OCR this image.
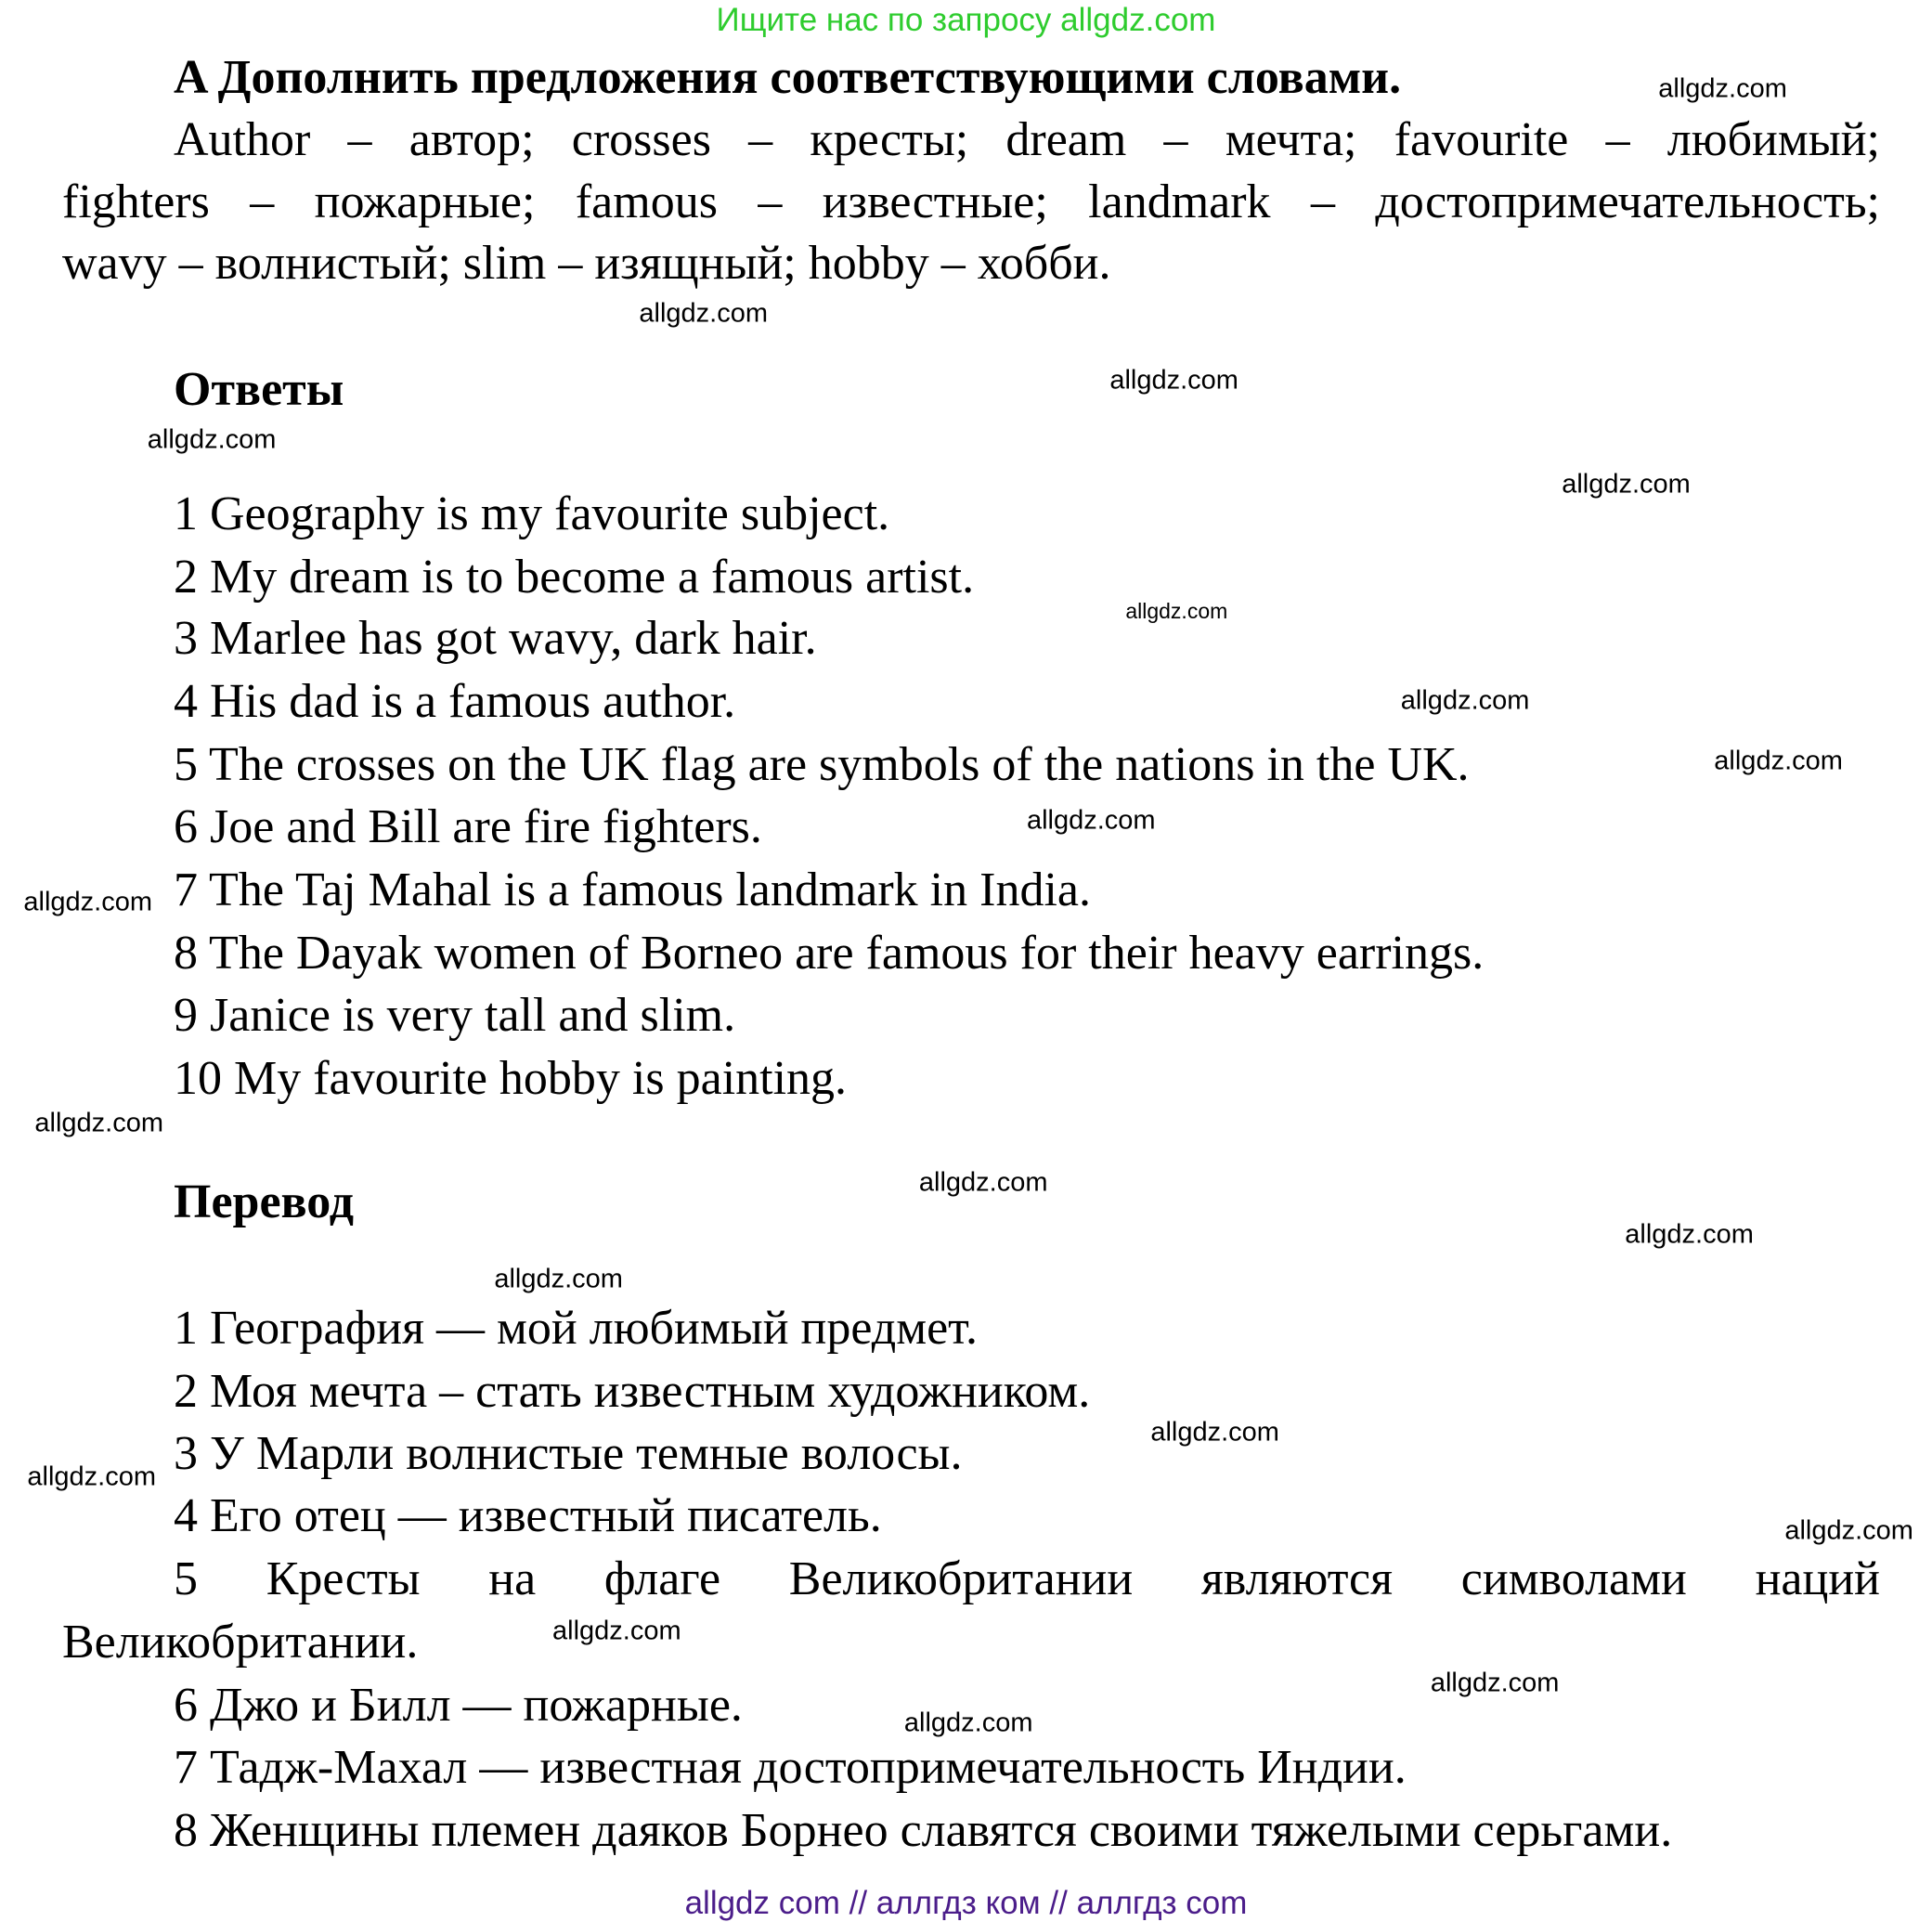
Ищите нас по запросу allgdz.com
A Дополнить предложения соответствующими словами.
Author – автор; crosses – кресты; dream – мечта; favourite – любимый;
fighters – пожарные; famous – известные; landmark – достопримечательность;
wavy – волнистый; slim – изящный; hobby – хобби.
Ответы
1 Geography is my favourite subject.
2 My dream is to become a famous artist.
3 Marlee has got wavy, dark hair.
4 His dad is a famous author.
5 The crosses on the UK flag are symbols of the nations in the UK.
6 Joe and Bill are fire fighters.
7 The Taj Mahal is a famous landmark in India.
8 The Dayak women of Borneo are famous for their heavy earrings.
9 Janice is very tall and slim.
10 My favourite hobby is painting.
Перевод
1 География — мой любимый предмет.
2 Моя мечта – стать известным художником.
3 У Марли волнистые темные волосы.
4 Его отец — известный писатель.
5 Кресты на флаге Великобритании являются символами наций
Великобритании.
6 Джо и Билл — пожарные.
7 Тадж-Махал — известная достопримечательность Индии.
8 Женщины племен даяков Борнео славятся своими тяжелыми серьгами.
allgdz.com
allgdz.com
allgdz.com
allgdz.com
allgdz.com
allgdz.com
allgdz.com
allgdz.com
allgdz.com
allgdz.com
allgdz.com
allgdz.com
allgdz.com
allgdz.com
allgdz.com
allgdz.com
allgdz.com
allgdz.com
allgdz.com
allgdz.com
allgdz com // аллгдз ком // аллгдз com
